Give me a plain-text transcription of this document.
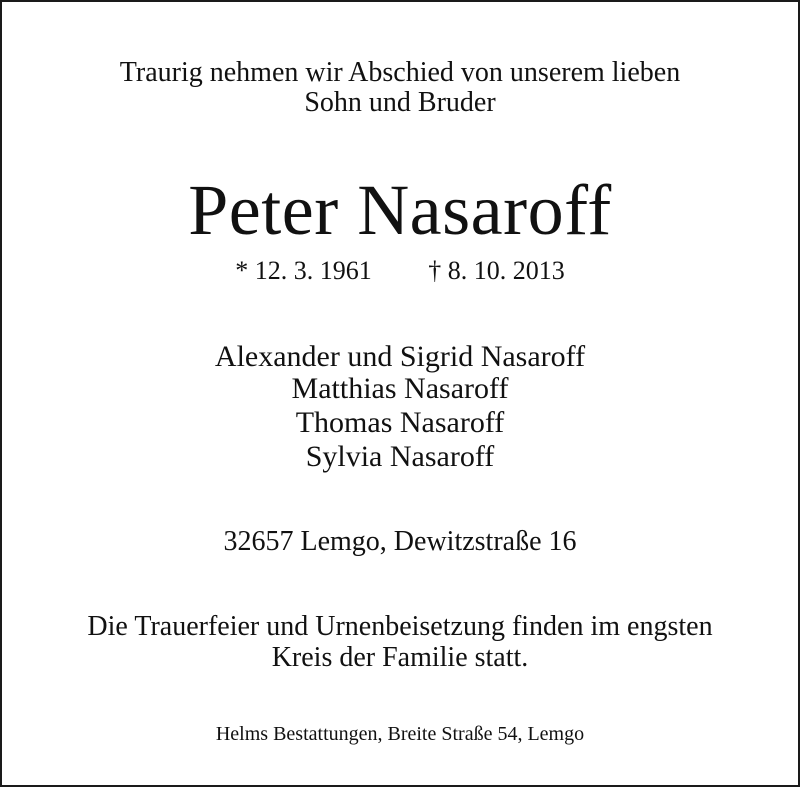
Traurig nehmen wir Abschied von unserem lieben
Sohn und Bruder
Peter Nasaroff
* 12. 3. 1961 † 8. 10. 2013
Alexander und Sigrid Nasaroff
Matthias Nasaroff
Thomas Nasaroff
Sylvia Nasaroff
32657 Lemgo, Dewitzstraße 16
Die Trauerfeier und Urnenbeisetzung finden im engsten
Kreis der Familie statt.
Helms Bestattungen, Breite Straße 54, Lemgo
